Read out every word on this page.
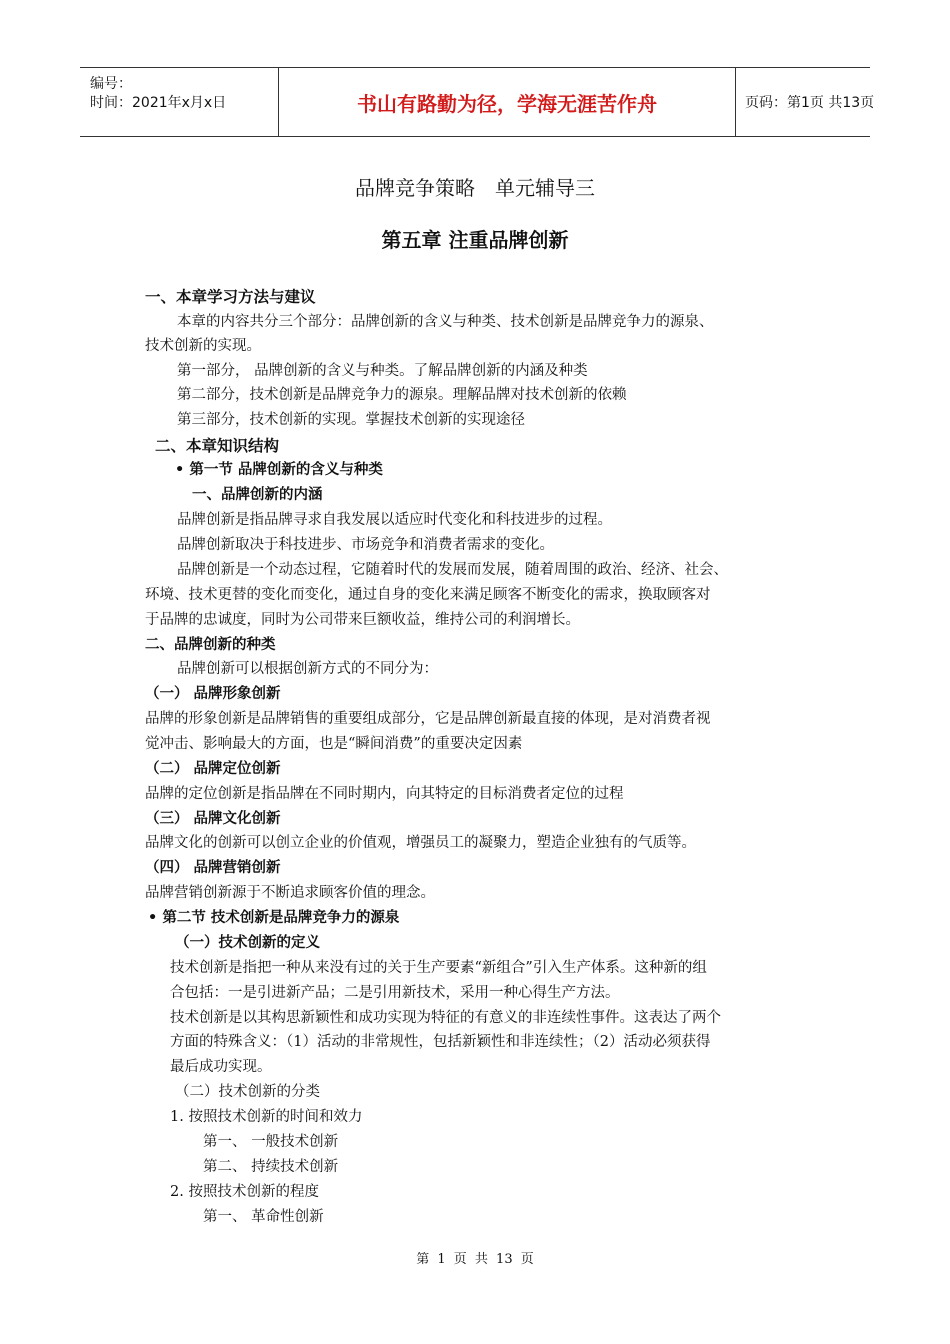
编号：
时间：2021年x月x日	书山有路勤为径，学海无涯苦作舟	页码：第1页 共13页
品牌竞争策略　单元辅导三
第五章 注重品牌创新
一、本章学习方法与建议
本章的内容共分三个部分：品牌创新的含义与种类、技术创新是品牌竞争力的源泉、
技术创新的实现。
第一部分， 品牌创新的含义与种类。了解品牌创新的内涵及种类
第二部分，技术创新是品牌竞争力的源泉。理解品牌对技术创新的依赖
第三部分，技术创新的实现。掌握技术创新的实现途径
二、本章知识结构
• 第一节 品牌创新的含义与种类
一、品牌创新的内涵
品牌创新是指品牌寻求自我发展以适应时代变化和科技进步的过程。
品牌创新取决于科技进步、市场竞争和消费者需求的变化。
品牌创新是一个动态过程，它随着时代的发展而发展，随着周围的政治、经济、社会、
环境、技术更替的变化而变化，通过自身的变化来满足顾客不断变化的需求，换取顾客对
于品牌的忠诚度，同时为公司带来巨额收益，维持公司的利润增长。
二、品牌创新的种类
品牌创新可以根据创新方式的不同分为：
（一） 品牌形象创新
品牌的形象创新是品牌销售的重要组成部分，它是品牌创新最直接的体现，是对消费者视
觉冲击、影响最大的方面，也是“瞬间消费”的重要决定因素
（二） 品牌定位创新
品牌的定位创新是指品牌在不同时期内，向其特定的目标消费者定位的过程
（三） 品牌文化创新
品牌文化的创新可以创立企业的价值观，增强员工的凝聚力，塑造企业独有的气质等。
（四） 品牌营销创新
品牌营销创新源于不断追求顾客价值的理念。
• 第二节 技术创新是品牌竞争力的源泉
（一）技术创新的定义
技术创新是指把一种从来没有过的关于生产要素“新组合”引入生产体系。这种新的组
合包括：一是引进新产品；二是引用新技术，采用一种心得生产方法。
技术创新是以其构思新颖性和成功实现为特征的有意义的非连续性事件。这表达了两个
方面的特殊含义：（1）活动的非常规性，包括新颖性和非连续性；（2）活动必须获得
最后成功实现。
（二）技术创新的分类
1. 按照技术创新的时间和效力
第一、 一般技术创新
第二、 持续技术创新
2. 按照技术创新的程度
第一、 革命性创新
第 1 页 共 13 页
